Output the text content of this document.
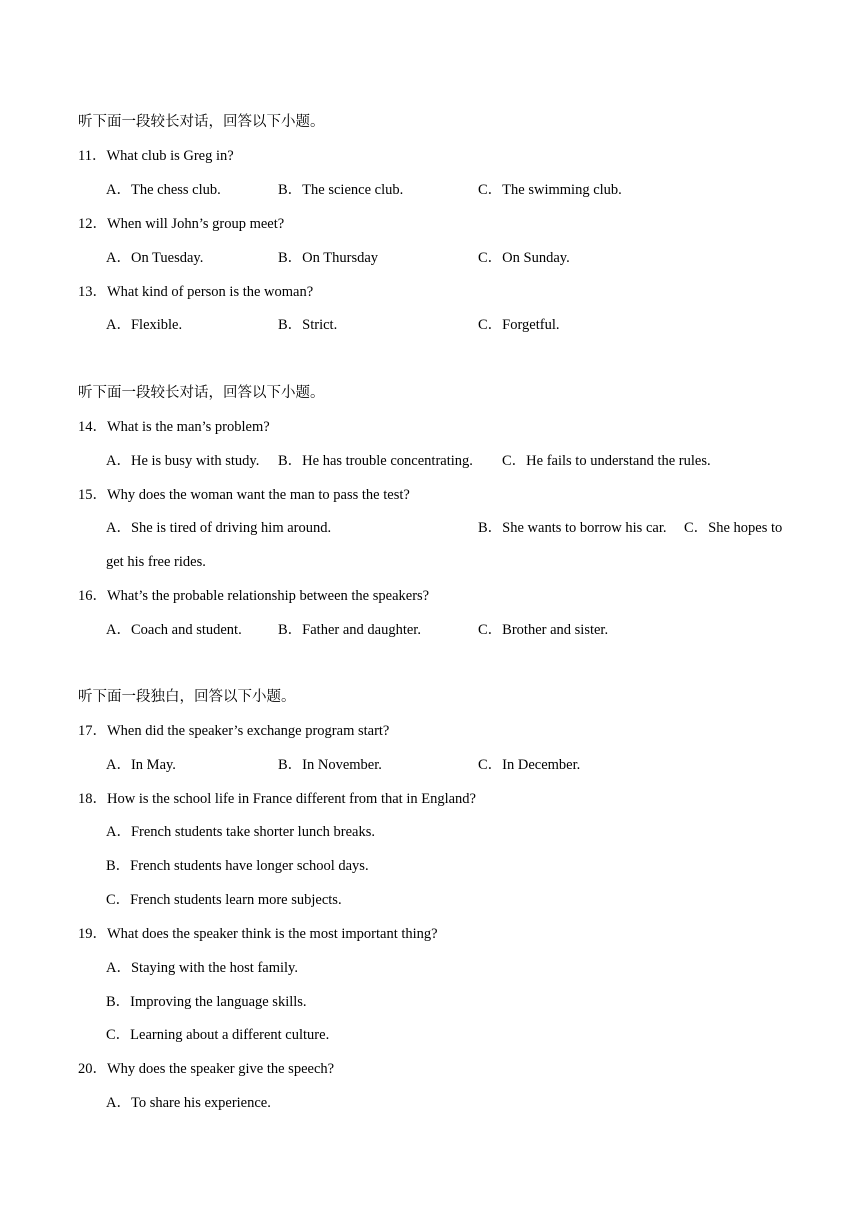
听下面一段较长对话，回答以下小题。
11．What club is Greg in?
A．The chess club.	B．The science club.	C．The swimming club.
12．When will John’s group meet?
A．On Tuesday.	B．On Thursday	C．On Sunday.
13．What kind of person is the woman?
A．Flexible.	B．Strict.	C．Forgetful.
听下面一段较长对话，回答以下小题。
14．What is the man’s problem?
A．He is busy with study. B．He has trouble concentrating. C．He fails to understand the rules.
15．Why does the woman want the man to pass the test?
A．She is tired of driving him around.	B．She wants to borrow his car. C．She hopes to
get his free rides.
16．What’s the probable relationship between the speakers?
A．Coach and student.	B．Father and daughter.	C．Brother and sister.
听下面一段独白，回答以下小题。
17．When did the speaker’s exchange program start?
A．In May.	B．In November.	C．In December.
18．How is the school life in France different from that in England?
A．French students take shorter lunch breaks.
B．French students have longer school days.
C．French students learn more subjects.
19．What does the speaker think is the most important thing?
A．Staying with the host family.
B．Improving the language skills.
C．Learning about a different culture.
20．Why does the speaker give the speech?
A．To share his experience.
